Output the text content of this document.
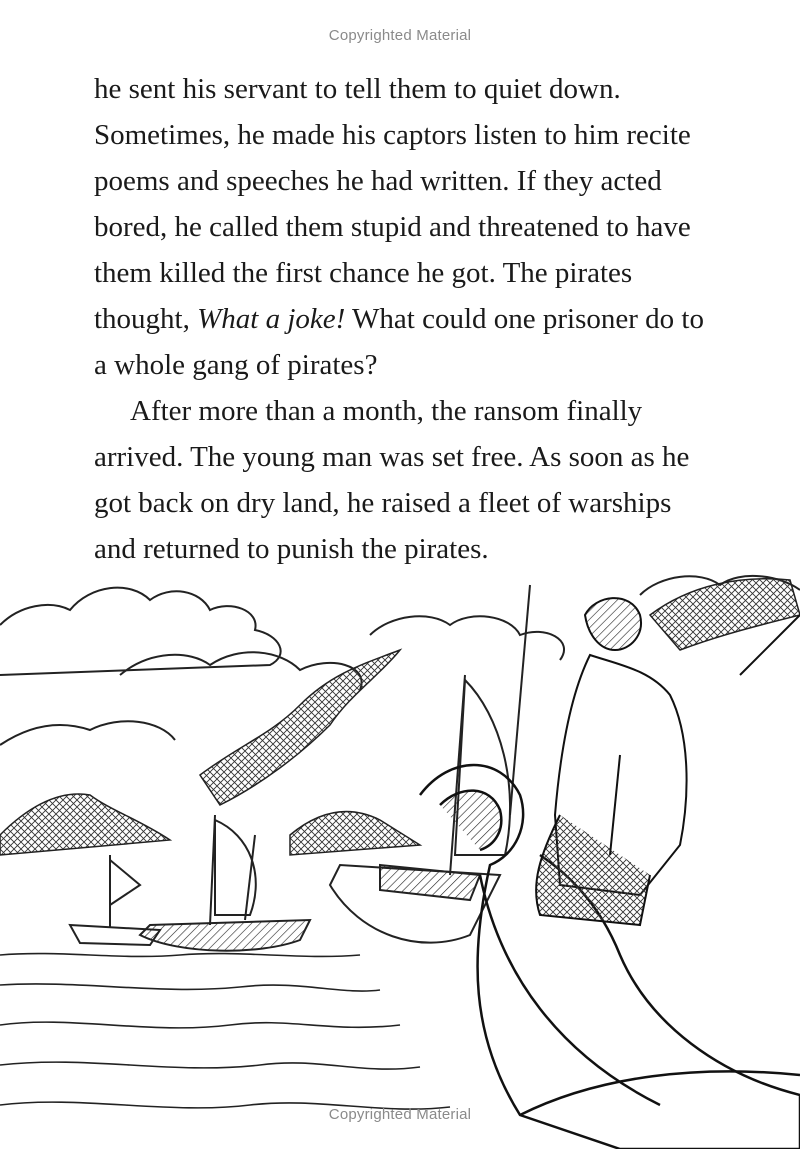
Copyrighted Material

he sent his servant to tell them to quiet down. Sometimes, he made his captors listen to him recite poems and speeches he had written. If they acted bored, he called them stupid and threatened to have them killed the first chance he got. The pirates thought, What a joke! What could one prisoner do to a whole gang of pirates?

After more than a month, the ransom finally arrived. The young man was set free. As soon as he got back on dry land, he raised a fleet of warships and returned to punish the pirates.

Copyrighted Material
